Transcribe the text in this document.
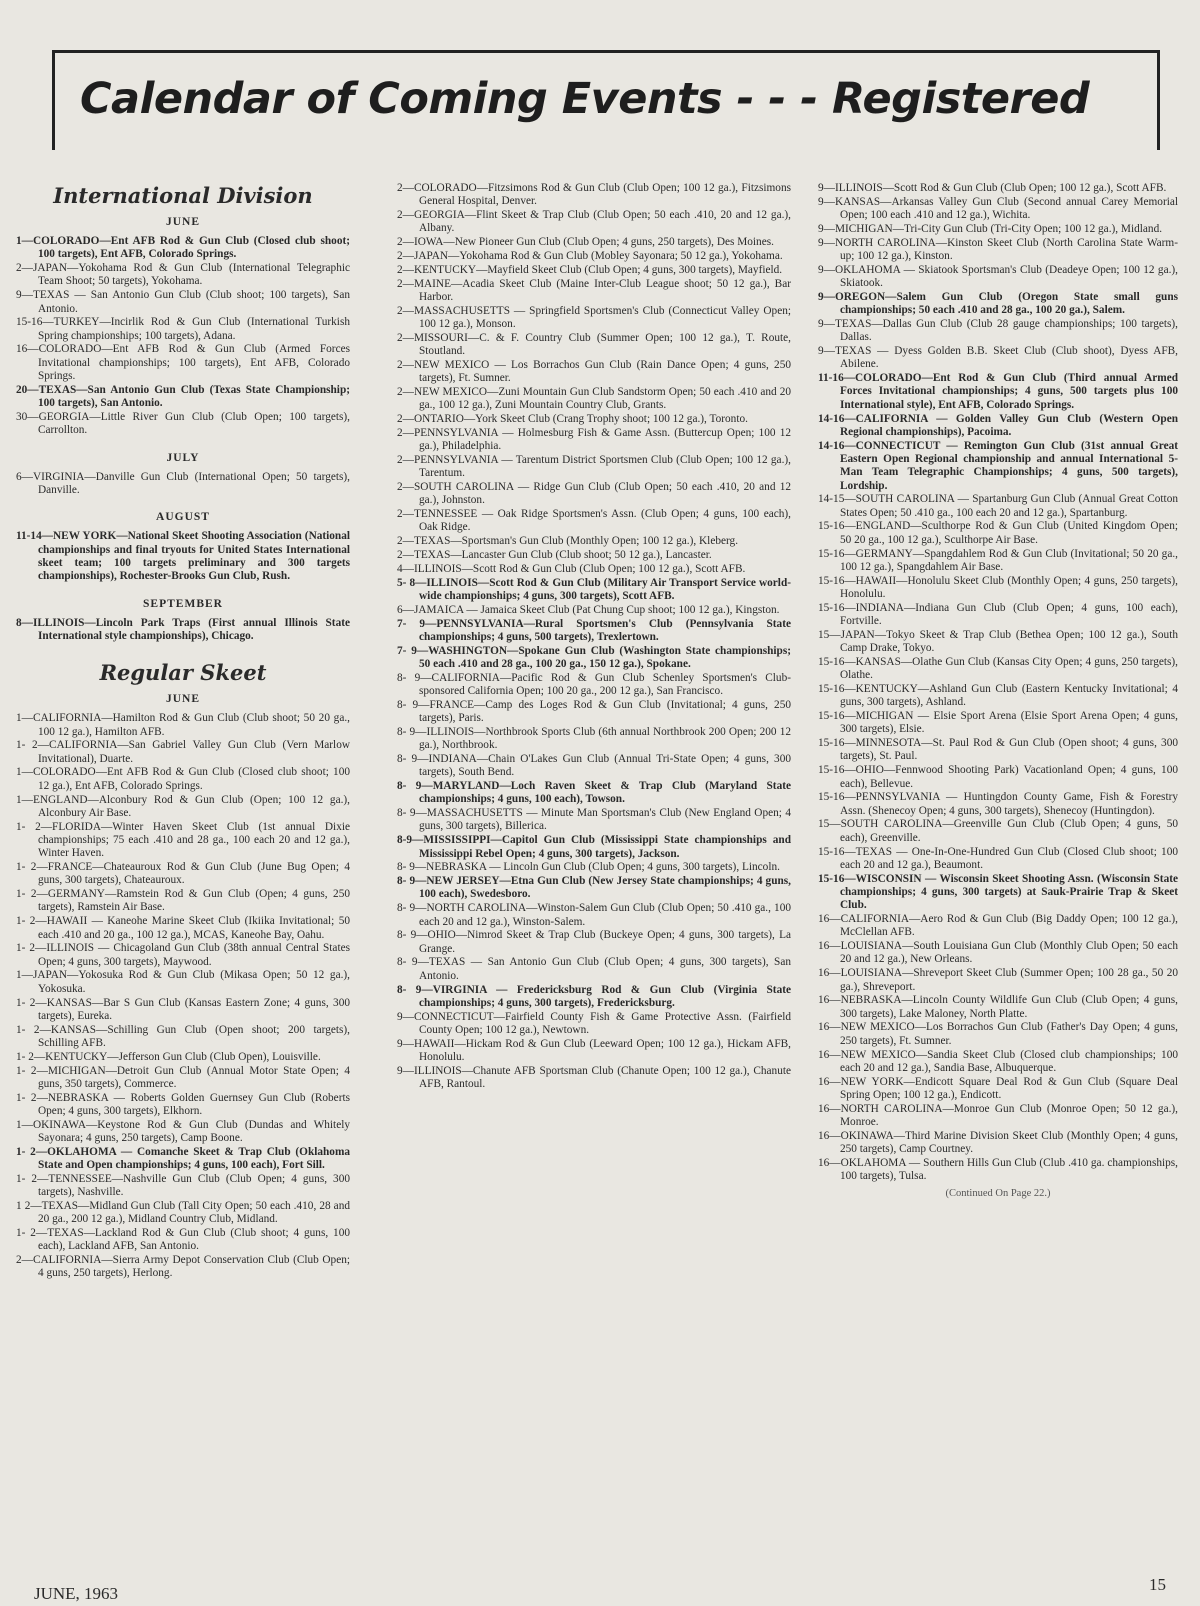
Calendar of Coming Events - - - Registered
International Division
JUNE
1—COLORADO—Ent AFB Rod & Gun Club (Closed club shoot; 100 targets), Ent AFB, Colorado Springs.
2—JAPAN—Yokohama Rod & Gun Club (International Telegraphic Team Shoot; 50 targets), Yokohama.
9—TEXAS — San Antonio Gun Club (Club shoot; 100 targets), San Antonio.
15-16—TURKEY—Incirlik Rod & Gun Club (International Turkish Spring championships; 100 targets), Adana.
16—COLORADO—Ent AFB Rod & Gun Club (Armed Forces Invitational championships; 100 targets), Ent AFB, Colorado Springs.
20—TEXAS—San Antonio Gun Club (Texas State Championship; 100 targets), San Antonio.
30—GEORGIA—Little River Gun Club (Club Open; 100 targets), Carrollton.
JULY
6—VIRGINIA—Danville Gun Club (International Open; 50 targets), Danville.
AUGUST
11-14—NEW YORK—National Skeet Shooting Association (National championships and final tryouts for United States International skeet team; 100 targets preliminary and 300 targets championships), Rochester-Brooks Gun Club, Rush.
SEPTEMBER
8—ILLINOIS—Lincoln Park Traps (First annual Illinois State International style championships), Chicago.
Regular Skeet
JUNE
1—CALIFORNIA—Hamilton Rod & Gun Club (Club shoot; 50 20 ga., 100 12 ga.), Hamilton AFB.
1- 2—CALIFORNIA—San Gabriel Valley Gun Club (Vern Marlow Invitational), Duarte.
1—COLORADO—Ent AFB Rod & Gun Club (Closed club shoot; 100 12 ga.), Ent AFB, Colorado Springs.
1—ENGLAND—Alconbury Rod & Gun Club (Open; 100 12 ga.), Alconbury Air Base.
1- 2—FLORIDA—Winter Haven Skeet Club (1st annual Dixie championships; 75 each .410 and 28 ga., 100 each 20 and 12 ga.), Winter Haven.
1- 2—FRANCE—Chateauroux Rod & Gun Club (June Bug Open; 4 guns, 300 targets), Chateauroux.
1- 2—GERMANY—Ramstein Rod & Gun Club (Open; 4 guns, 250 targets), Ramstein Air Base.
1- 2—HAWAII — Kaneohe Marine Skeet Club (Ikiika Invitational; 50 each .410 and 20 ga., 100 12 ga.), MCAS, Kaneohe Bay, Oahu.
1- 2—ILLINOIS — Chicagoland Gun Club (38th annual Central States Open; 4 guns, 300 targets), Maywood.
1—JAPAN—Yokosuka Rod & Gun Club (Mikasa Open; 50 12 ga.), Yokosuka.
1- 2—KANSAS—Bar S Gun Club (Kansas Eastern Zone; 4 guns, 300 targets), Eureka.
1- 2—KANSAS—Schilling Gun Club (Open shoot; 200 targets), Schilling AFB.
1- 2—KENTUCKY—Jefferson Gun Club (Club Open), Louisville.
1- 2—MICHIGAN—Detroit Gun Club (Annual Motor State Open; 4 guns, 350 targets), Commerce.
1- 2—NEBRASKA — Roberts Golden Guernsey Gun Club (Roberts Open; 4 guns, 300 targets), Elkhorn.
1—OKINAWA—Keystone Rod & Gun Club (Dundas and Whitely Sayonara; 4 guns, 250 targets), Camp Boone.
1- 2—OKLAHOMA — Comanche Skeet & Trap Club (Oklahoma State and Open championships; 4 guns, 100 each), Fort Sill.
1- 2—TENNESSEE—Nashville Gun Club (Club Open; 4 guns, 300 targets), Nashville.
1 2—TEXAS—Midland Gun Club (Tall City Open; 50 each .410, 28 and 20 ga., 200 12 ga.), Midland Country Club, Midland.
1- 2—TEXAS—Lackland Rod & Gun Club (Club shoot; 4 guns, 100 each), Lackland AFB, San Antonio.
2—CALIFORNIA—Sierra Army Depot Conservation Club (Club Open; 4 guns, 250 targets), Herlong.
2—COLORADO—Fitzsimons Rod & Gun Club (Club Open; 100 12 ga.), Fitzsimons General Hospital, Denver.
2—GEORGIA—Flint Skeet & Trap Club (Club Open; 50 each .410, 20 and 12 ga.), Albany.
2—IOWA—New Pioneer Gun Club (Club Open; 4 guns, 250 targets), Des Moines.
2—JAPAN—Yokohama Rod & Gun Club (Mobley Sayonara; 50 12 ga.), Yokohama.
2—KENTUCKY—Mayfield Skeet Club (Club Open; 4 guns, 300 targets), Mayfield.
2—MAINE—Acadia Skeet Club (Maine Inter-Club League shoot; 50 12 ga.), Bar Harbor.
2—MASSACHUSETTS — Springfield Sportsmen's Club (Connecticut Valley Open; 100 12 ga.), Monson.
2—MISSOURI—C. & F. Country Club (Summer Open; 100 12 ga.), T. Route, Stoutland.
2—NEW MEXICO — Los Borrachos Gun Club (Rain Dance Open; 4 guns, 250 targets), Ft. Sumner.
2—NEW MEXICO—Zuni Mountain Gun Club Sandstorm Open; 50 each .410 and 20 ga., 100 12 ga.), Zuni Mountain Country Club, Grants.
2—ONTARIO—York Skeet Club (Crang Trophy shoot; 100 12 ga.), Toronto.
2—PENNSYLVANIA — Holmesburg Fish & Game Assn. (Buttercup Open; 100 12 ga.), Philadelphia.
2—PENNSYLVANIA — Tarentum District Sportsmen Club (Club Open; 100 12 ga.), Tarentum.
2—SOUTH CAROLINA — Ridge Gun Club (Club Open; 50 each .410, 20 and 12 ga.), Johnston.
2—TENNESSEE — Oak Ridge Sportsmen's Assn. (Club Open; 4 guns, 100 each), Oak Ridge.
2—TEXAS—Sportsman's Gun Club (Monthly Open; 100 12 ga.), Kleberg.
2—TEXAS—Lancaster Gun Club (Club shoot; 50 12 ga.), Lancaster.
4—ILLINOIS—Scott Rod & Gun Club (Club Open; 100 12 ga.), Scott AFB.
5- 8—ILLINOIS—Scott Rod & Gun Club (Military Air Transport Service world-wide championships; 4 guns, 300 targets), Scott AFB.
6—JAMAICA — Jamaica Skeet Club (Pat Chung Cup shoot; 100 12 ga.), Kingston.
7- 9—PENNSYLVANIA—Rural Sportsmen's Club (Pennsylvania State championships; 4 guns, 500 targets), Trexlertown.
7- 9—WASHINGTON—Spokane Gun Club (Washington State championships; 50 each .410 and 28 ga., 100 20 ga., 150 12 ga.), Spokane.
8- 9—CALIFORNIA—Pacific Rod & Gun Club Schenley Sportsmen's Club-sponsored California Open; 100 20 ga., 200 12 ga.), San Francisco.
8- 9—FRANCE—Camp des Loges Rod & Gun Club (Invitational; 4 guns, 250 targets), Paris.
8- 9—ILLINOIS—Northbrook Sports Club (6th annual Northbrook 200 Open; 200 12 ga.), Northbrook.
8- 9—INDIANA—Chain O'Lakes Gun Club (Annual Tri-State Open; 4 guns, 300 targets), South Bend.
8- 9—MARYLAND—Loch Raven Skeet & Trap Club (Maryland State championships; 4 guns, 100 each), Towson.
8- 9—MASSACHUSETTS — Minute Man Sportsman's Club (New England Open; 4 guns, 300 targets), Billerica.
8-9—MISSISSIPPI—Capitol Gun Club (Mississippi State championships and Mississippi Rebel Open; 4 guns, 300 targets), Jackson.
8- 9—NEBRASKA — Lincoln Gun Club (Club Open; 4 guns, 300 targets), Lincoln.
8- 9—NEW JERSEY—Etna Gun Club (New Jersey State championships; 4 guns, 100 each), Swedesboro.
8- 9—NORTH CAROLINA—Winston-Salem Gun Club (Club Open; 50 .410 ga., 100 each 20 and 12 ga.), Winston-Salem.
8- 9—OHIO—Nimrod Skeet & Trap Club (Buckeye Open; 4 guns, 300 targets), La Grange.
8- 9—TEXAS — San Antonio Gun Club (Club Open; 4 guns, 300 targets), San Antonio.
8- 9—VIRGINIA — Fredericksburg Rod & Gun Club (Virginia State championships; 4 guns, 300 targets), Fredericksburg.
9—CONNECTICUT—Fairfield County Fish & Game Protective Assn. (Fairfield County Open; 100 12 ga.), Newtown.
9—HAWAII—Hickam Rod & Gun Club (Leeward Open; 100 12 ga.), Hickam AFB, Honolulu.
9—ILLINOIS—Chanute AFB Sportsman Club (Chanute Open; 100 12 ga.), Chanute AFB, Rantoul.
9—ILLINOIS—Scott Rod & Gun Club (Club Open; 100 12 ga.), Scott AFB.
9—KANSAS—Arkansas Valley Gun Club (Second annual Carey Memorial Open; 100 each .410 and 12 ga.), Wichita.
9—MICHIGAN—Tri-City Gun Club (Tri-City Open; 100 12 ga.), Midland.
9—NORTH CAROLINA—Kinston Skeet Club (North Carolina State Warm-up; 100 12 ga.), Kinston.
9—OKLAHOMA — Skiatook Sportsman's Club (Deadeye Open; 100 12 ga.), Skiatook.
9—OREGON—Salem Gun Club (Oregon State small guns championships; 50 each .410 and 28 ga., 100 20 ga.), Salem.
9—TEXAS—Dallas Gun Club (Club 28 gauge championships; 100 targets), Dallas.
9—TEXAS — Dyess Golden B.B. Skeet Club (Club shoot), Dyess AFB, Abilene.
11-16—COLORADO—Ent Rod & Gun Club (Third annual Armed Forces Invitational championships; 4 guns, 500 targets plus 100 International style), Ent AFB, Colorado Springs.
14-16—CALIFORNIA — Golden Valley Gun Club (Western Open Regional championships), Pacoima.
14-16—CONNECTICUT — Remington Gun Club (31st annual Great Eastern Open Regional championship and annual International 5-Man Team Telegraphic Championships; 4 guns, 500 targets), Lordship.
14-15—SOUTH CAROLINA — Spartanburg Gun Club (Annual Great Cotton States Open; 50 .410 ga., 100 each 20 and 12 ga.), Spartanburg.
15-16—ENGLAND—Sculthorpe Rod & Gun Club (United Kingdom Open; 50 20 ga., 100 12 ga.), Sculthorpe Air Base.
15-16—GERMANY—Spangdahlem Rod & Gun Club (Invitational; 50 20 ga., 100 12 ga.), Spangdahlem Air Base.
15-16—HAWAII—Honolulu Skeet Club (Monthly Open; 4 guns, 250 targets), Honolulu.
15-16—INDIANA—Indiana Gun Club (Club Open; 4 guns, 100 each), Fortville.
15—JAPAN—Tokyo Skeet & Trap Club (Bethea Open; 100 12 ga.), South Camp Drake, Tokyo.
15-16—KANSAS—Olathe Gun Club (Kansas City Open; 4 guns, 250 targets), Olathe.
15-16—KENTUCKY—Ashland Gun Club (Eastern Kentucky Invitational; 4 guns, 300 targets), Ashland.
15-16—MICHIGAN — Elsie Sport Arena (Elsie Sport Arena Open; 4 guns, 300 targets), Elsie.
15-16—MINNESOTA—St. Paul Rod & Gun Club (Open shoot; 4 guns, 300 targets), St. Paul.
15-16—OHIO—Fennwood Shooting Park) Vacationland Open; 4 guns, 100 each), Bellevue.
15-16—PENNSYLVANIA — Huntingdon County Game, Fish & Forestry Assn. (Shenecoy Open; 4 guns, 300 targets), Shenecoy (Huntingdon).
15—SOUTH CAROLINA—Greenville Gun Club (Club Open; 4 guns, 50 each), Greenville.
15-16—TEXAS — One-In-One-Hundred Gun Club (Closed Club shoot; 100 each 20 and 12 ga.), Beaumont.
15-16—WISCONSIN — Wisconsin Skeet Shooting Assn. (Wisconsin State championships; 4 guns, 300 targets) at Sauk-Prairie Trap & Skeet Club.
16—CALIFORNIA—Aero Rod & Gun Club (Big Daddy Open; 100 12 ga.), McClellan AFB.
16—LOUISIANA—South Louisiana Gun Club (Monthly Club Open; 50 each 20 and 12 ga.), New Orleans.
16—LOUISIANA—Shreveport Skeet Club (Summer Open; 100 28 ga., 50 20 ga.), Shreveport.
16—NEBRASKA—Lincoln County Wildlife Gun Club (Club Open; 4 guns, 300 targets), Lake Maloney, North Platte.
16—NEW MEXICO—Los Borrachos Gun Club (Father's Day Open; 4 guns, 250 targets), Ft. Sumner.
16—NEW MEXICO—Sandia Skeet Club (Closed club championships; 100 each 20 and 12 ga.), Sandia Base, Albuquerque.
16—NEW YORK—Endicott Square Deal Rod & Gun Club (Square Deal Spring Open; 100 12 ga.), Endicott.
16—NORTH CAROLINA—Monroe Gun Club (Monroe Open; 50 12 ga.), Monroe.
16—OKINAWA—Third Marine Division Skeet Club (Monthly Open; 4 guns, 250 targets), Camp Courtney.
16—OKLAHOMA — Southern Hills Gun Club (Club .410 ga. championships, 100 targets), Tulsa.
(Continued On Page 22.)
JUNE, 1963	15
